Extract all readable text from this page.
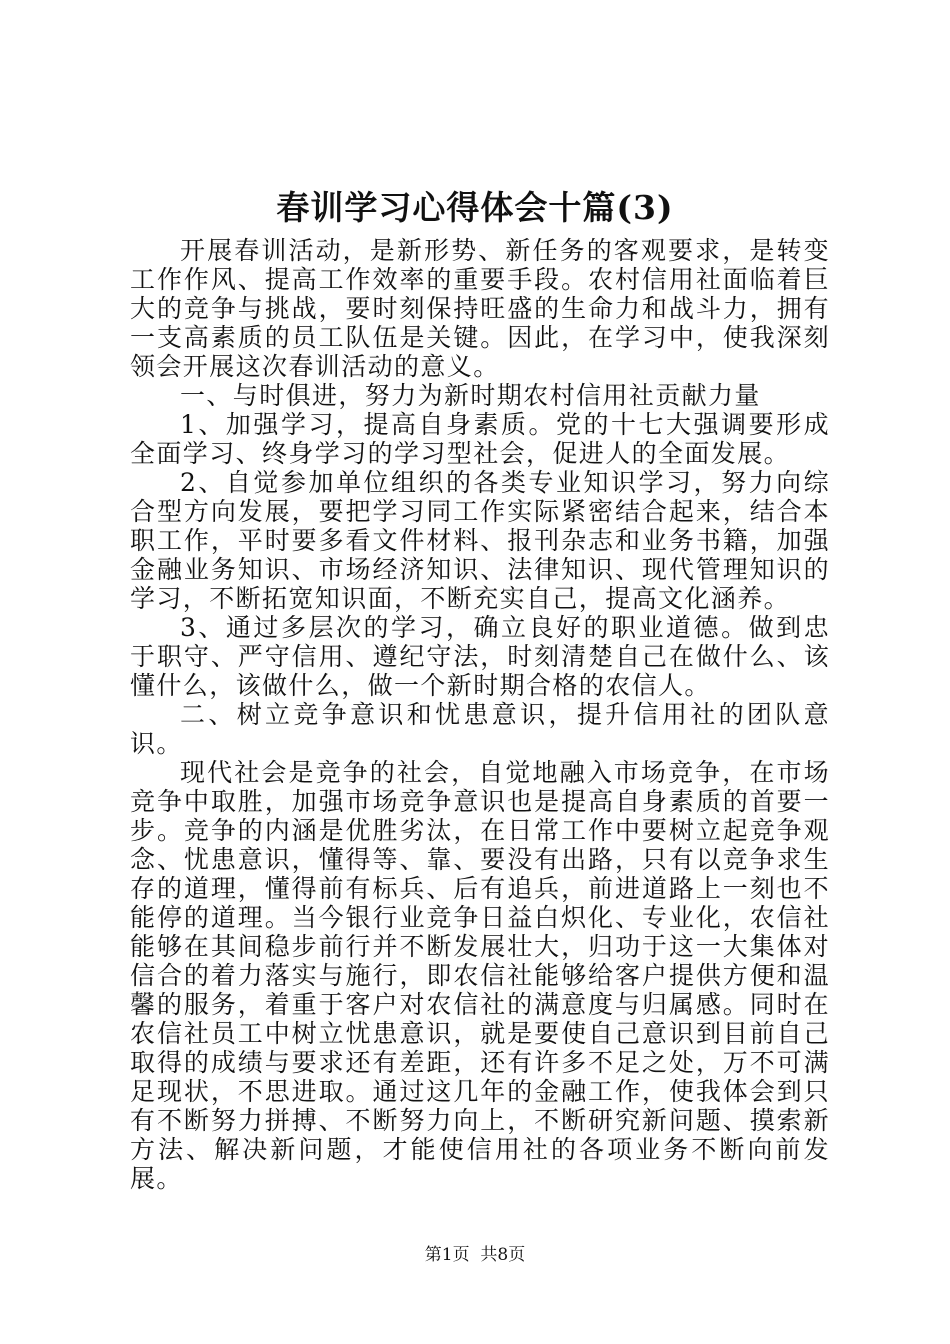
春训学习心得体会十篇(3)

开展春训活动，是新形势、新任务的客观要求，是转变工作作风、提高工作效率的重要手段。农村信用社面临着巨大的竞争与挑战，要时刻保持旺盛的生命力和战斗力，拥有一支高素质的员工队伍是关键。因此，在学习中，使我深刻领会开展这次春训活动的意义。

一、与时俱进，努力为新时期农村信用社贡献力量

1、加强学习，提高自身素质。党的十七大强调要形成全面学习、终身学习的学习型社会，促进人的全面发展。

2、自觉参加单位组织的各类专业知识学习，努力向综合型方向发展，要把学习同工作实际紧密结合起来，结合本职工作，平时要多看文件材料、报刊杂志和业务书籍，加强金融业务知识、市场经济知识、法律知识、现代管理知识的学习，不断拓宽知识面，不断充实自己，提高文化涵养。

3、通过多层次的学习，确立良好的职业道德。做到忠于职守、严守信用、遵纪守法，时刻清楚自己在做什么、该懂什么，该做什么，做一个新时期合格的农信人。

二、树立竞争意识和忧患意识，提升信用社的团队意识。

现代社会是竞争的社会，自觉地融入市场竞争，在市场竞争中取胜，加强市场竞争意识也是提高自身素质的首要一步。竞争的内涵是优胜劣汰，在日常工作中要树立起竞争观念、忧患意识，懂得等、靠、要没有出路，只有以竞争求生存的道理，懂得前有标兵、后有追兵，前进道路上一刻也不能停的道理。当今银行业竞争日益白炽化、专业化，农信社能够在其间稳步前行并不断发展壮大，归功于这一大集体对信合的着力落实与施行，即农信社能够给客户提供方便和温馨的服务，着重于客户对农信社的满意度与归属感。同时在农信社员工中树立忧患意识，就是要使自己意识到目前自己取得的成绩与要求还有差距，还有许多不足之处，万不可满足现状，不思进取。通过这几年的金融工作，使我体会到只有不断努力拼搏、不断努力向上，不断研究新问题、摸索新方法、解决新问题，才能使信用社的各项业务不断向前发展。

第1页  共8页
